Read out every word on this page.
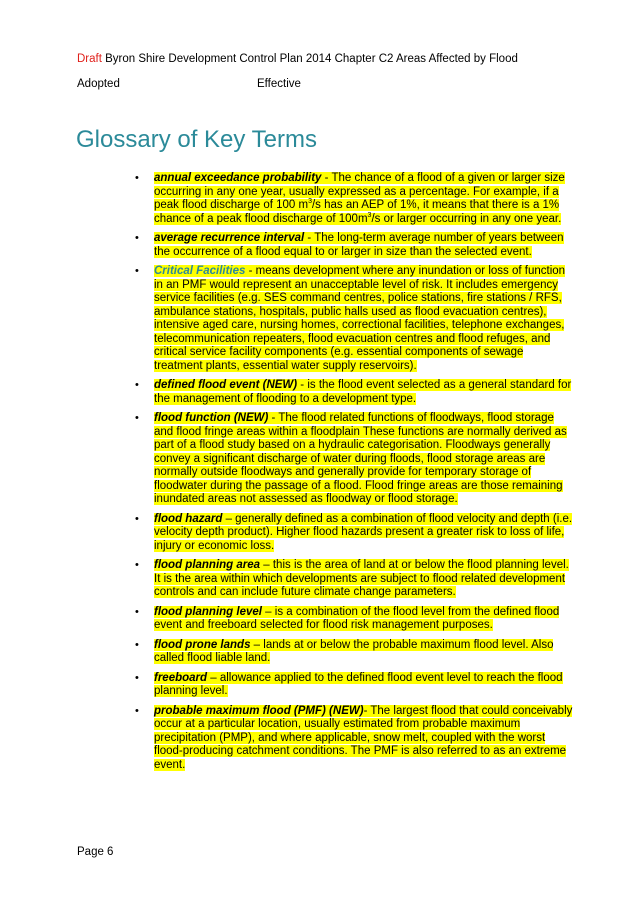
Draft Byron Shire Development Control Plan 2014 Chapter C2 Areas Affected by Flood
Adopted	Effective
Glossary of Key Terms
• annual exceedance probability - The chance of a flood of a given or larger size occurring in any one year, usually expressed as a percentage. For example, if a peak flood discharge of 100 $m^3/s$ has an AEP of 1%, it means that there is a 1% chance of a peak flood discharge of $100m^3/s$ or larger occurring in any one year.
• average recurrence interval - The long-term average number of years between the occurrence of a flood equal to or larger in size than the selected event.
• Critical Facilities - means development where any inundation or loss of function in an PMF would represent an unacceptable level of risk. It includes emergency service facilities (e.g. SES command centres, police stations, fire stations / RFS, ambulance stations, hospitals, public halls used as flood evacuation centres), intensive aged care, nursing homes, correctional facilities, telephone exchanges, telecommunication repeaters, flood evacuation centres and flood refuges, and critical service facility components (e.g. essential components of sewage treatment plants, essential water supply reservoirs).
• defined flood event (NEW) - is the flood event selected as a general standard for the management of flooding to a development type.
• flood function (NEW) - The flood related functions of floodways, flood storage and flood fringe areas within a floodplain These functions are normally derived as part of a flood study based on a hydraulic categorisation. Floodways generally convey a significant discharge of water during floods, flood storage areas are normally outside floodways and generally provide for temporary storage of floodwater during the passage of a flood. Flood fringe areas are those remaining inundated areas not assessed as floodway or flood storage.
• flood hazard – generally defined as a combination of flood velocity and depth (i.e. velocity depth product). Higher flood hazards present a greater risk to loss of life, injury or economic loss.
• flood planning area – this is the area of land at or below the flood planning level. It is the area within which developments are subject to flood related development controls and can include future climate change parameters.
• flood planning level – is a combination of the flood level from the defined flood event and freeboard selected for flood risk management purposes.
• flood prone lands – lands at or below the probable maximum flood level. Also called flood liable land.
• freeboard – allowance applied to the defined flood event level to reach the flood planning level.
• probable maximum flood (PMF) (NEW)- The largest flood that could conceivably occur at a particular location, usually estimated from probable maximum precipitation (PMP), and where applicable, snow melt, coupled with the worst flood-producing catchment conditions. The PMF is also referred to as an extreme event.
Page 6
